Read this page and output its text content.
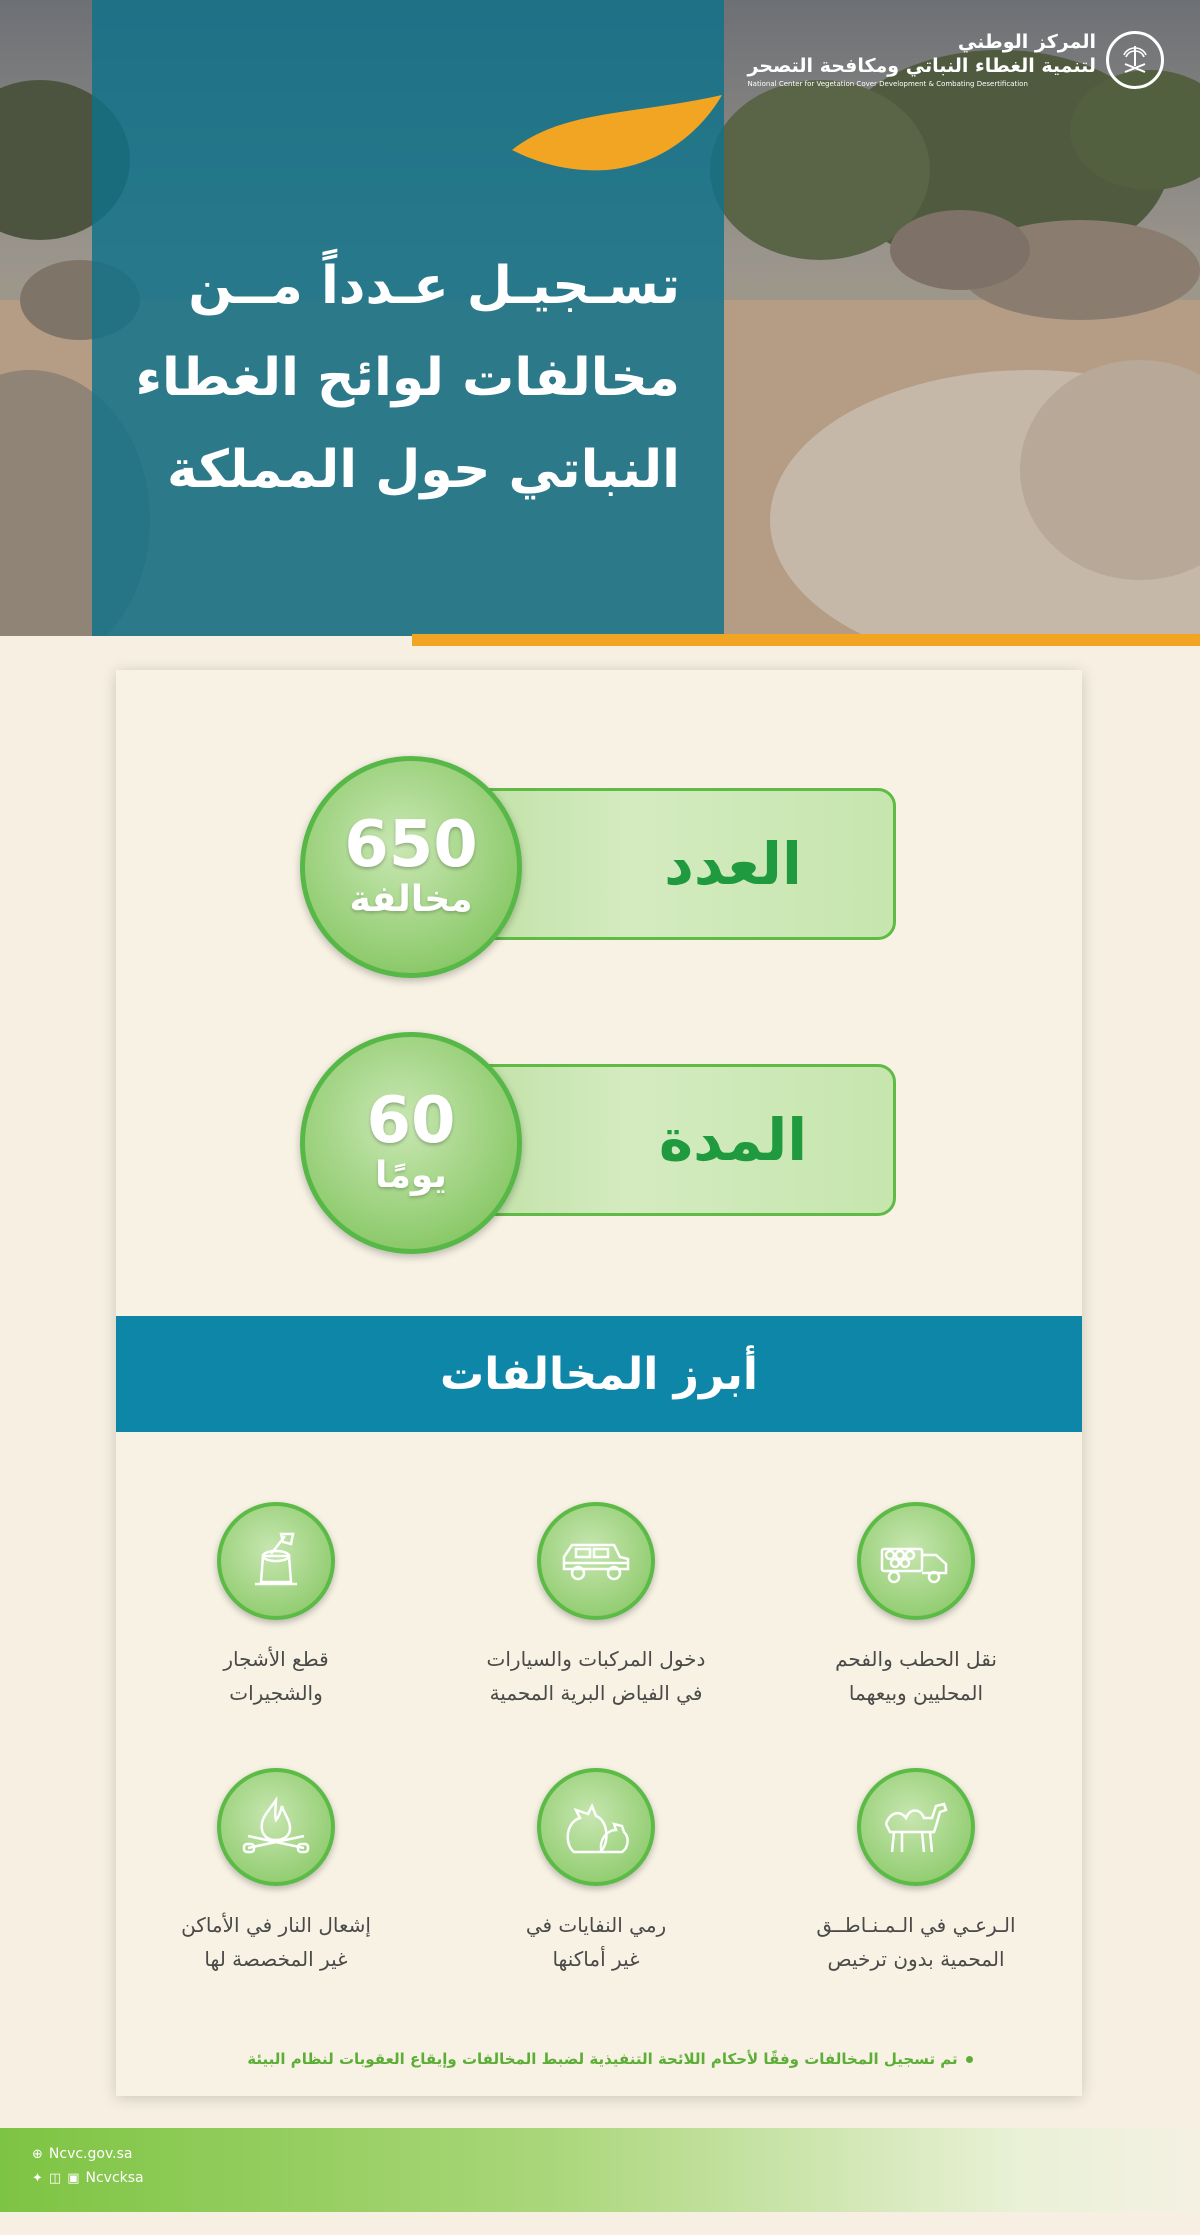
تسـجيـل عـدداً مــن
مخالفات لوائح الغطاء
النباتي حول المملكة
المركز الوطني
لتنمية الغطاء النباتي ومكافحة التصحر
National Center for Vegetation Cover Development & Combating Desertification
العدد
650
مخالفة
المدة
60
يومًا
أبرز المخالفات
نقل الحطب والفحم
المحليين وبيعهما
دخول المركبات والسيارات
في الفياض البرية المحمية
قطع الأشجار
والشجيرات
الـرعـي في الـمـنـاطــق
المحمية بدون ترخيص
رمي النفايات في
غير أماكنها
إشعال النار في الأماكن
غير المخصصة لها
تم تسجيل المخالفات وفقًا لأحكام اللائحة التنفيذية لضبط المخالفات وإيقاع العقوبات لنظام البيئة
⊕ Ncvc.gov.sa
✦ ◫ ▣ Ncvcksa
